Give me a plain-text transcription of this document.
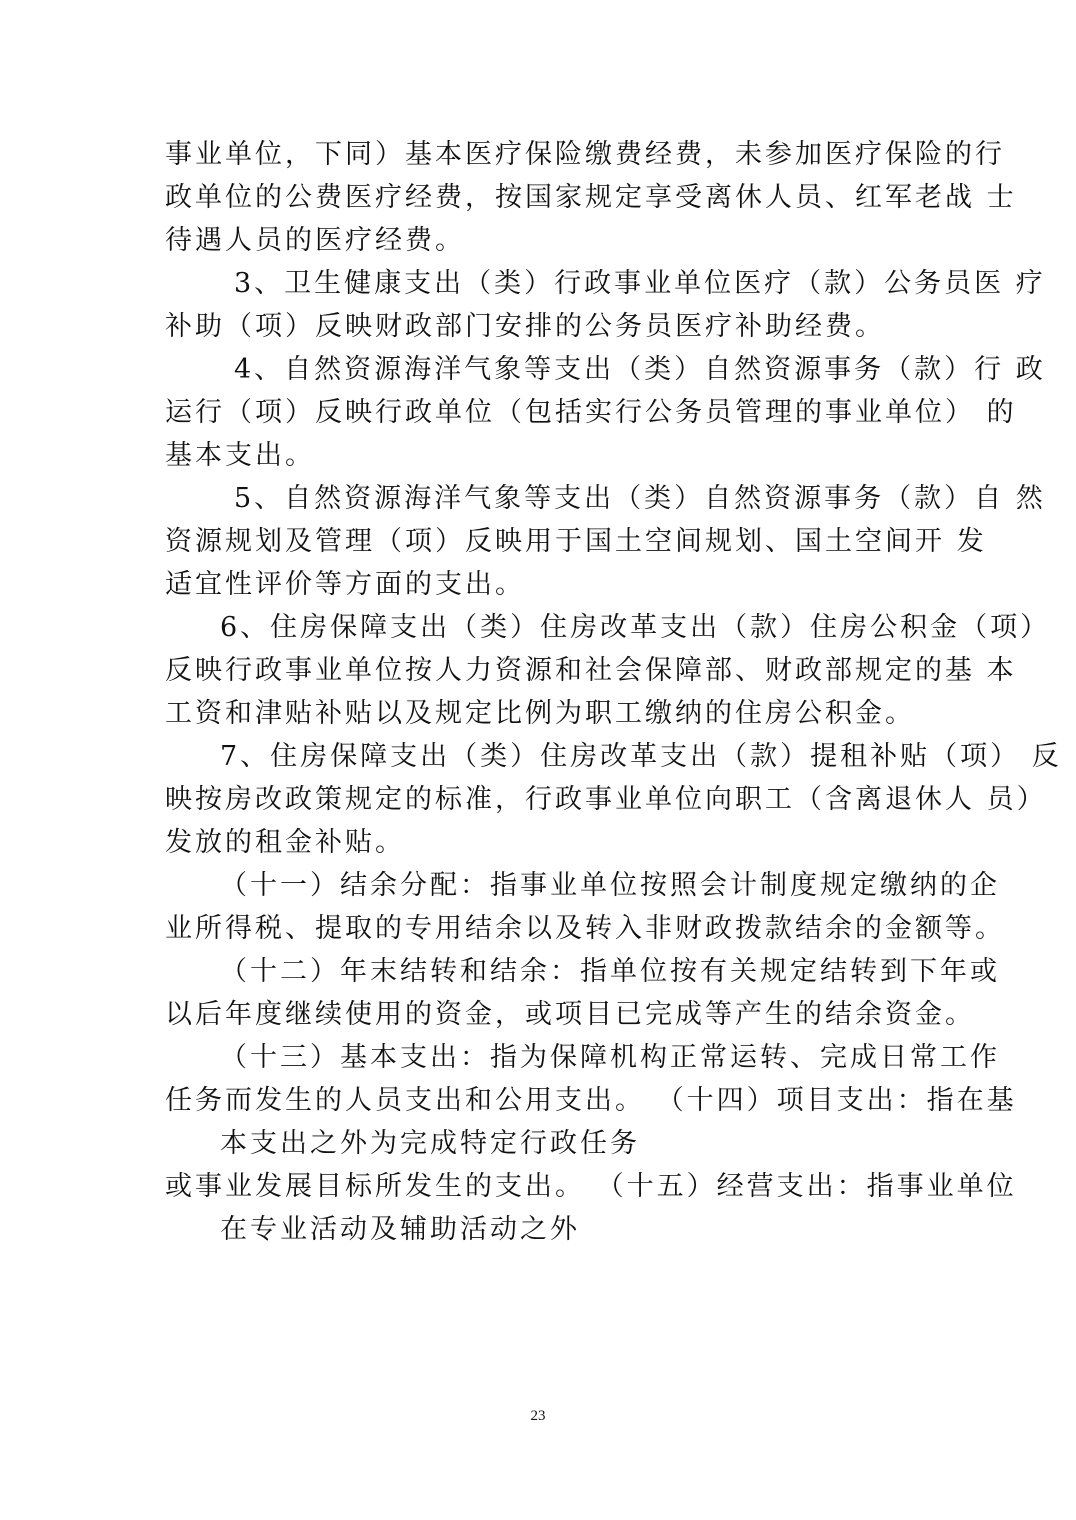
事业单位，下同）基本医疗保险缴费经费，未参加医疗保险的行
政单位的公费医疗经费，按国家规定享受离休人员、红军老战 士
待遇人员的医疗经费。
3、卫生健康支出（类）行政事业单位医疗（款）公务员医 疗
补助（项）反映财政部门安排的公务员医疗补助经费。
4、自然资源海洋气象等支出（类）自然资源事务（款）行 政
运行（项）反映行政单位（包括实行公务员管理的事业单位） 的
基本支出。
5、自然资源海洋气象等支出（类）自然资源事务（款）自 然
资源规划及管理（项）反映用于国土空间规划、国土空间开 发
适宜性评价等方面的支出。
6、住房保障支出（类）住房改革支出（款）住房公积金（项）
反映行政事业单位按人力资源和社会保障部、财政部规定的基 本
工资和津贴补贴以及规定比例为职工缴纳的住房公积金。
7、住房保障支出（类）住房改革支出（款）提租补贴（项） 反
映按房改政策规定的标准，行政事业单位向职工（含离退休人 员）
发放的租金补贴。
（十一）结余分配：指事业单位按照会计制度规定缴纳的企
业所得税、提取的专用结余以及转入非财政拨款结余的金额等。
（十二）年末结转和结余：指单位按有关规定结转到下年或
以后年度继续使用的资金，或项目已完成等产生的结余资金。
（十三）基本支出：指为保障机构正常运转、完成日常工作
任务而发生的人员支出和公用支出。 （十四）项目支出：指在基
本支出之外为完成特定行政任务
或事业发展目标所发生的支出。 （十五）经营支出：指事业单位
在专业活动及辅助活动之外
23
